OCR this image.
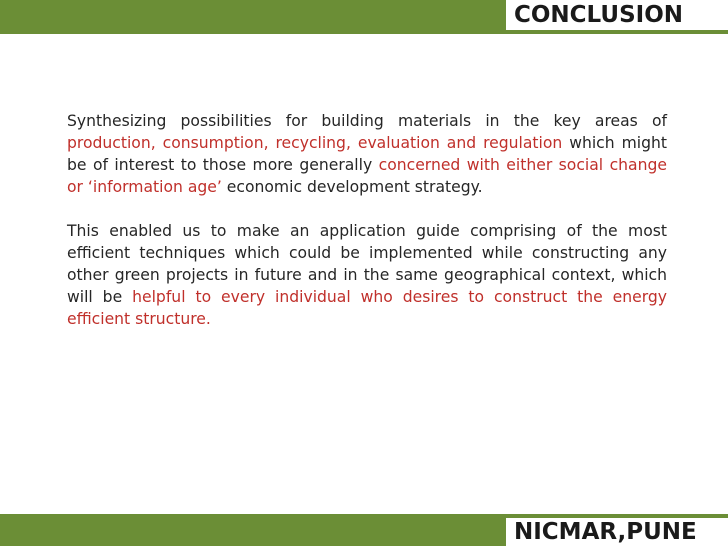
CONCLUSION

Synthesizing possibilities for building materials in the key areas of production, consumption, recycling, evaluation and regulation which might be of interest to those more generally concerned with either social change or ‘information age’ economic development strategy.

This enabled us to make an application guide comprising of the most efficient techniques which could be implemented while constructing any other green projects in future and in the same geographical context, which will be helpful to every individual who desires to construct the energy efficient structure.

NICMAR,PUNE
